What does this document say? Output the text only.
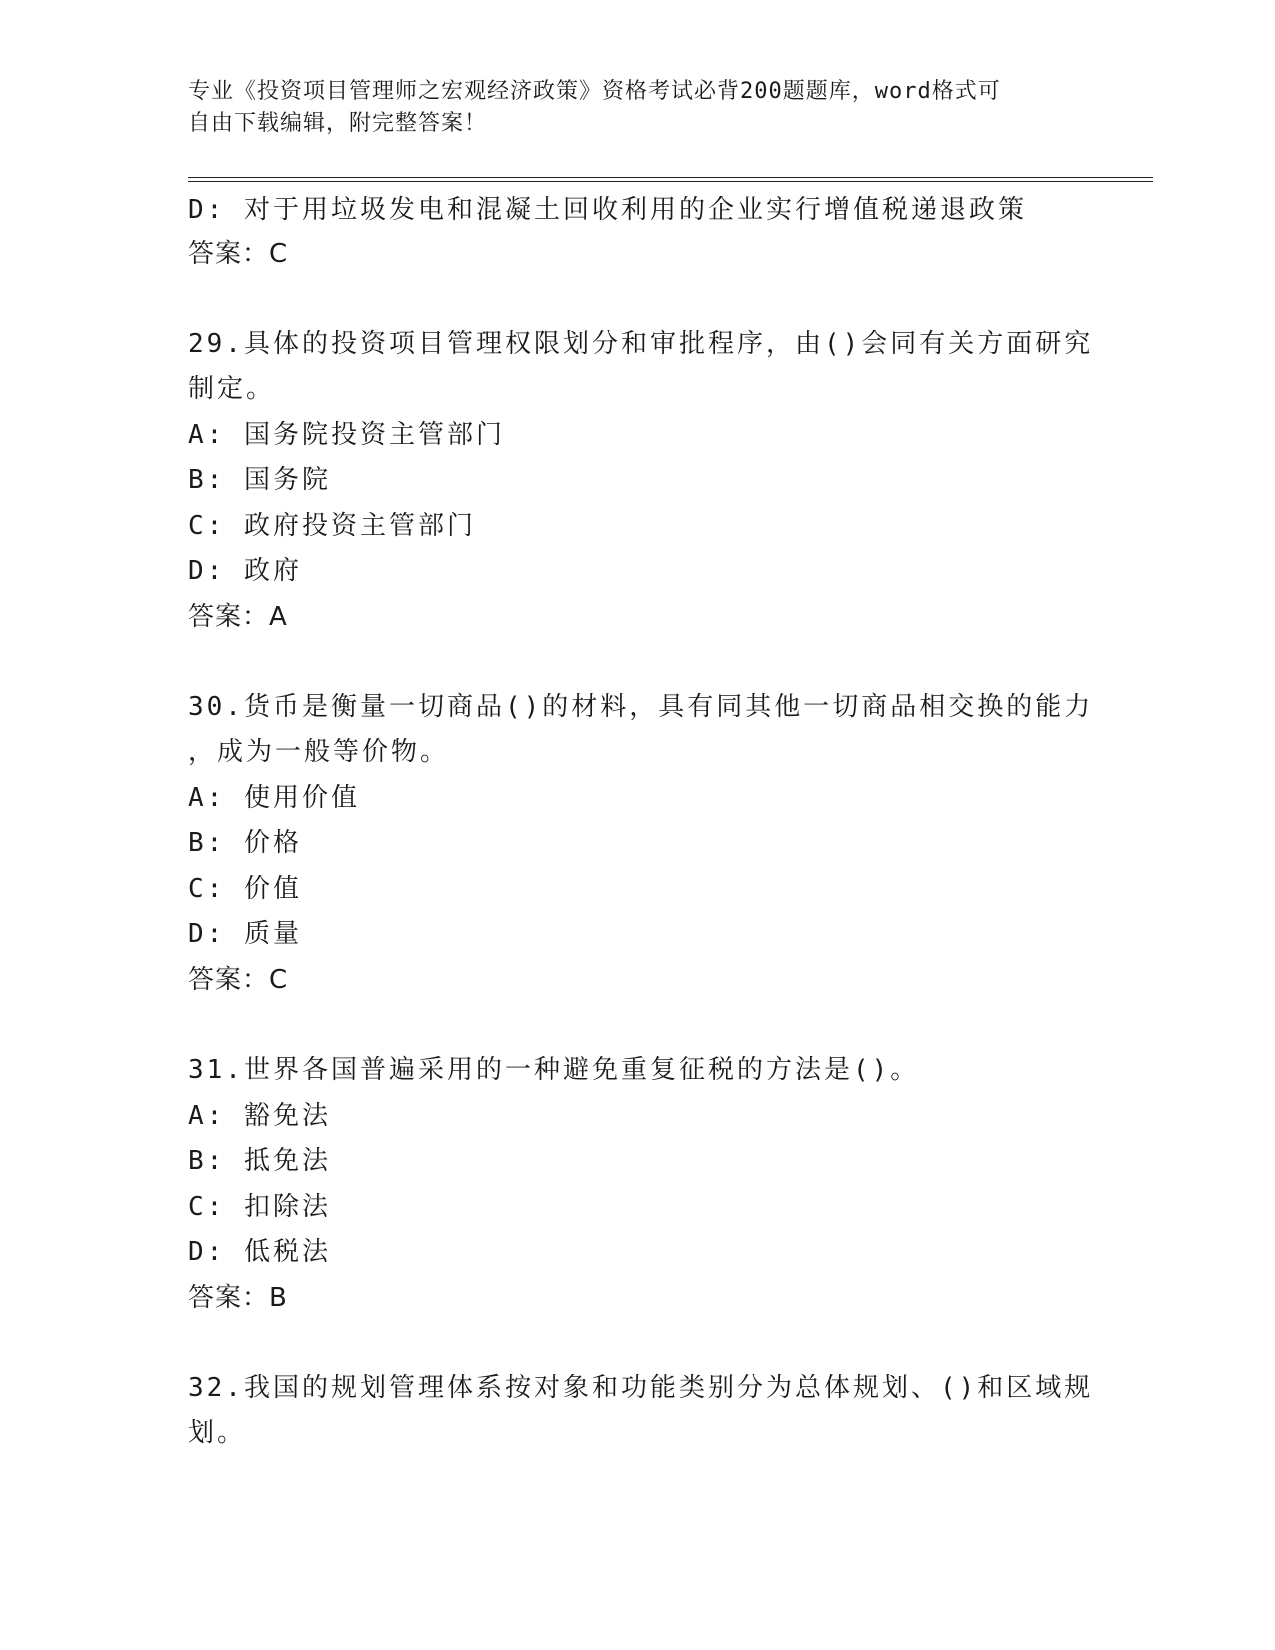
专业《投资项目管理师之宏观经济政策》资格考试必背200题题库，word格式可
自由下载编辑，附完整答案！
D: 对于用垃圾发电和混凝土回收利用的企业实行增值税递退政策
答案：C
29.具体的投资项目管理权限划分和审批程序，由()会同有关方面研究
制定。
A: 国务院投资主管部门
B: 国务院
C: 政府投资主管部门
D: 政府
答案：A
30.货币是衡量一切商品()的材料，具有同其他一切商品相交换的能力
，成为一般等价物。
A: 使用价值
B: 价格
C: 价值
D: 质量
答案：C
31.世界各国普遍采用的一种避免重复征税的方法是()。
A: 豁免法
B: 抵免法
C: 扣除法
D: 低税法
答案：B
32.我国的规划管理体系按对象和功能类别分为总体规划、()和区域规
划。
